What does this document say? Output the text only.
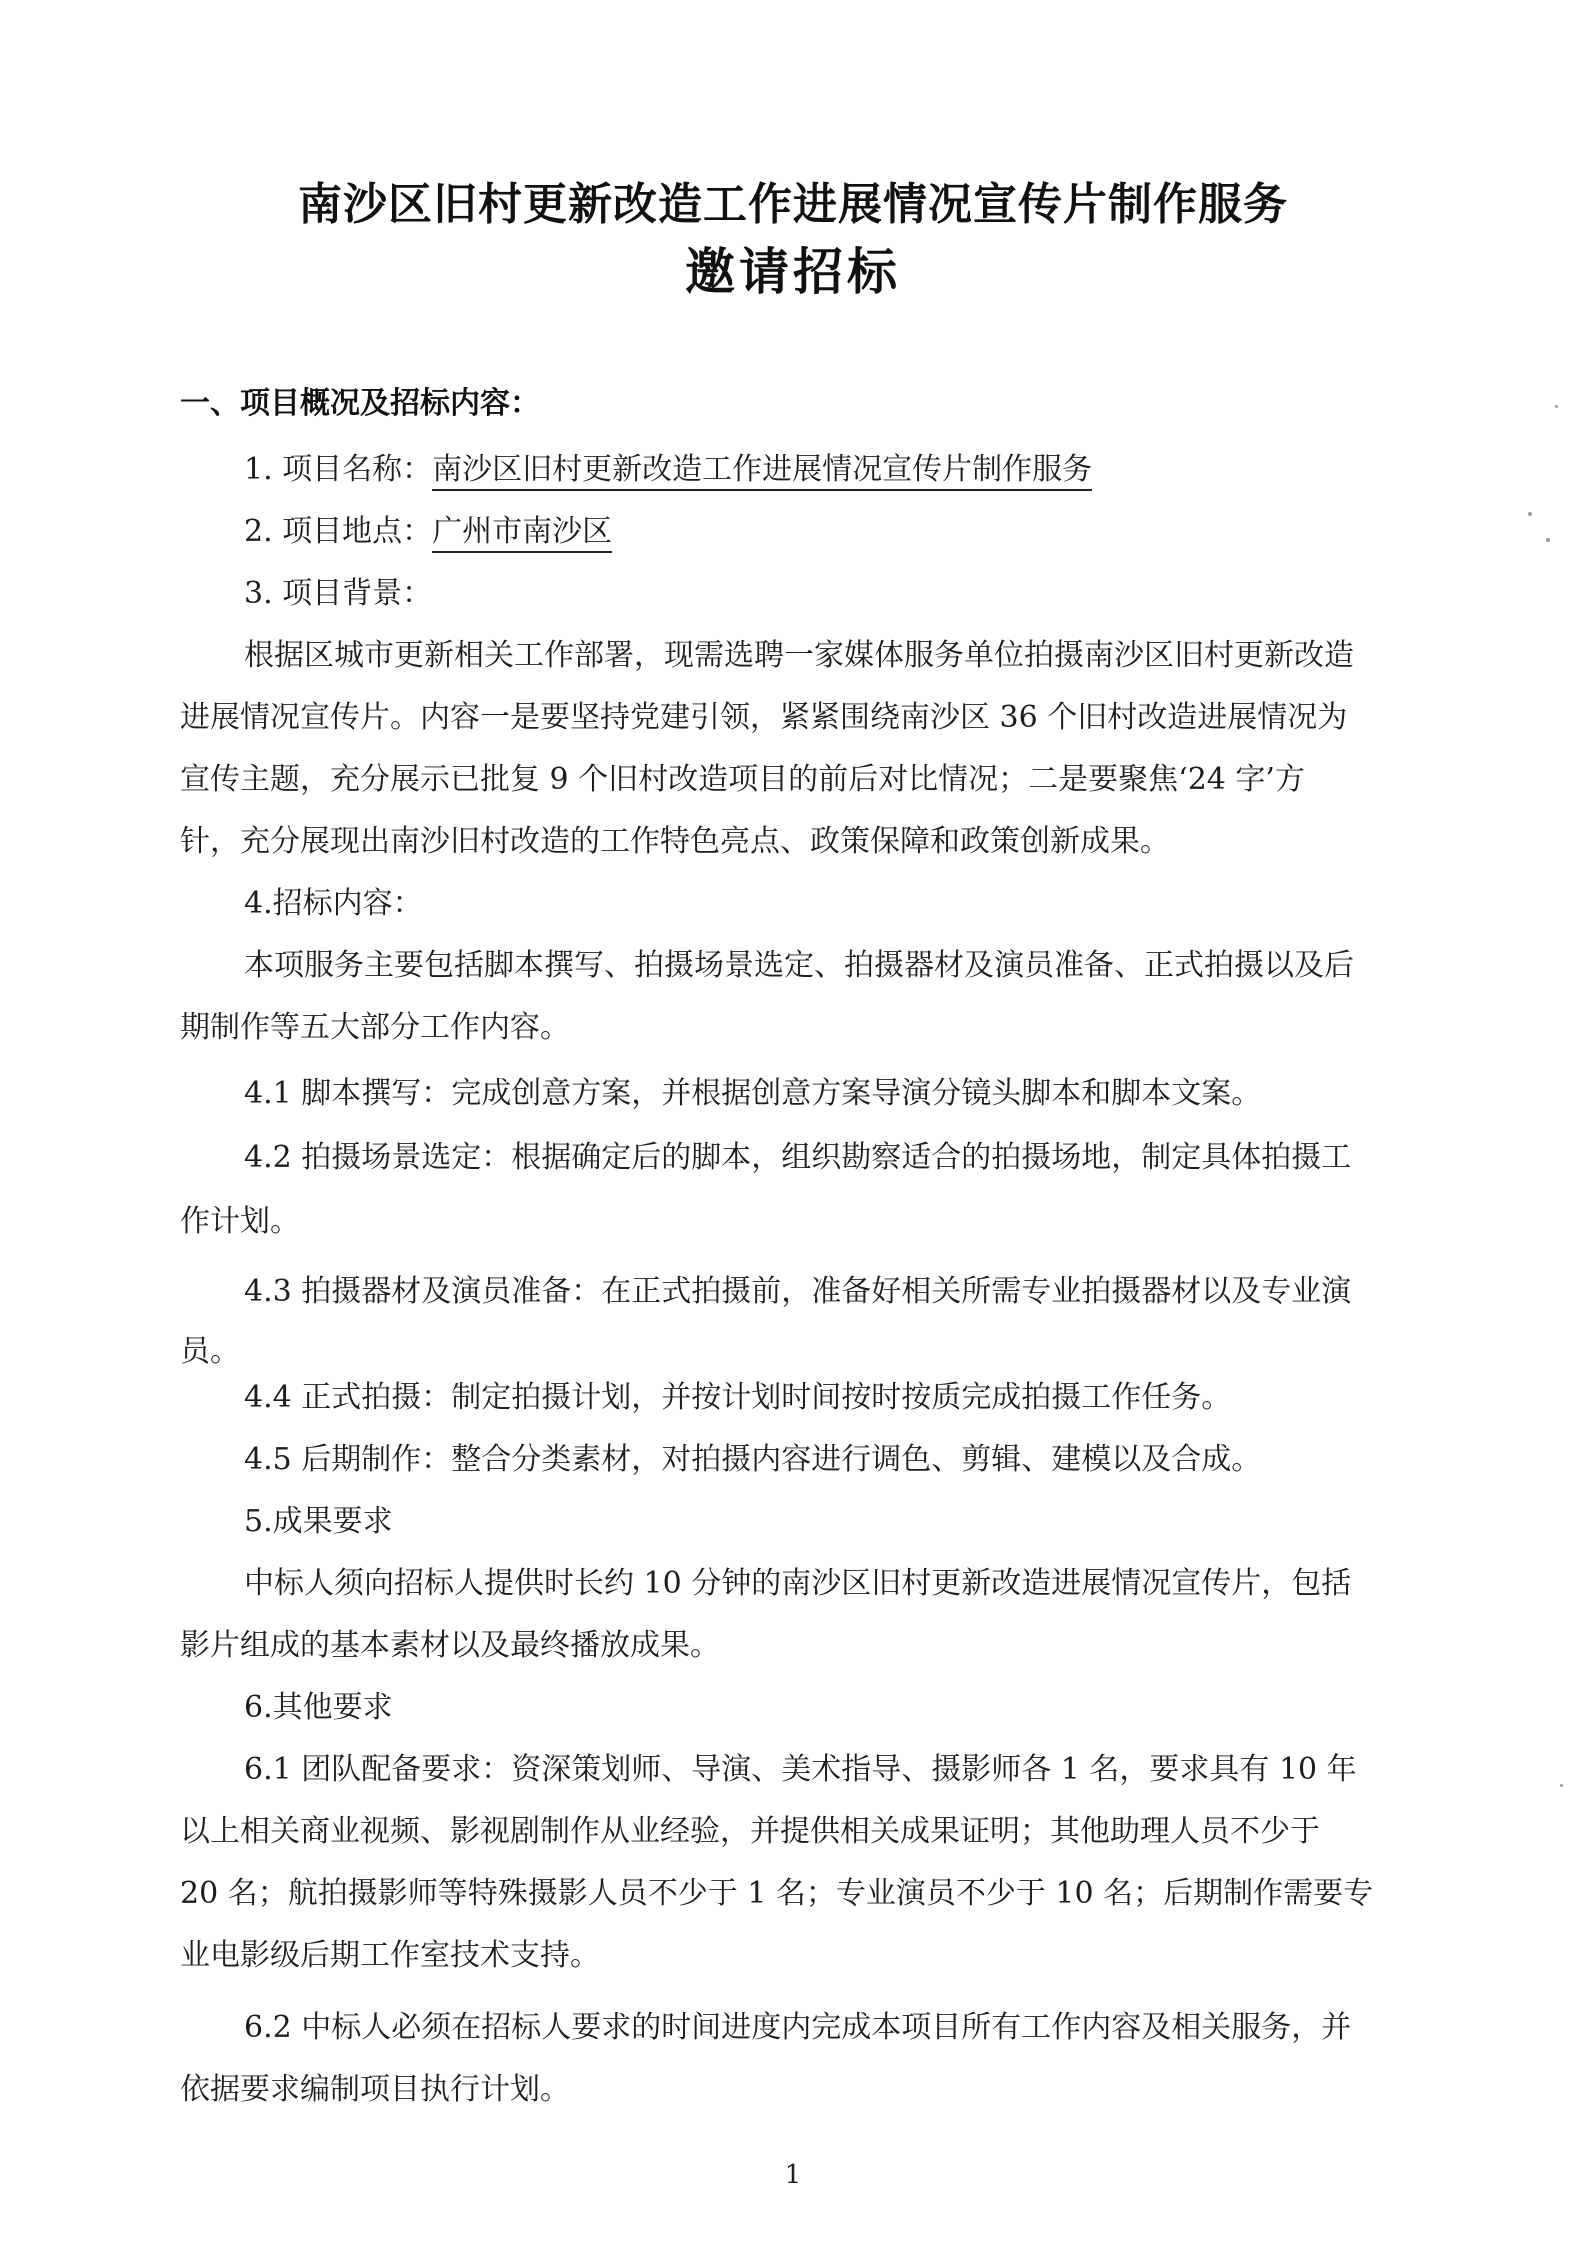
南沙区旧村更新改造工作进展情况宣传片制作服务
邀请招标
一、项目概况及招标内容：
1. 项目名称：南沙区旧村更新改造工作进展情况宣传片制作服务
2. 项目地点：广州市南沙区
3. 项目背景：
根据区城市更新相关工作部署，现需选聘一家媒体服务单位拍摄南沙区旧村更新改造
进展情况宣传片。内容一是要坚持党建引领，紧紧围绕南沙区 36 个旧村改造进展情况为
宣传主题，充分展示已批复 9 个旧村改造项目的前后对比情况；二是要聚焦‘24 字’方
针，充分展现出南沙旧村改造的工作特色亮点、政策保障和政策创新成果。
4.招标内容：
本项服务主要包括脚本撰写、拍摄场景选定、拍摄器材及演员准备、正式拍摄以及后
期制作等五大部分工作内容。
4.1 脚本撰写：完成创意方案，并根据创意方案导演分镜头脚本和脚本文案。
4.2 拍摄场景选定：根据确定后的脚本，组织勘察适合的拍摄场地，制定具体拍摄工
作计划。
4.3 拍摄器材及演员准备：在正式拍摄前，准备好相关所需专业拍摄器材以及专业演
员。
4.4 正式拍摄：制定拍摄计划，并按计划时间按时按质完成拍摄工作任务。
4.5 后期制作：整合分类素材，对拍摄内容进行调色、剪辑、建模以及合成。
5.成果要求
中标人须向招标人提供时长约 10 分钟的南沙区旧村更新改造进展情况宣传片，包括
影片组成的基本素材以及最终播放成果。
6.其他要求
6.1 团队配备要求：资深策划师、导演、美术指导、摄影师各 1 名，要求具有 10 年
以上相关商业视频、影视剧制作从业经验，并提供相关成果证明；其他助理人员不少于
20 名；航拍摄影师等特殊摄影人员不少于 1 名；专业演员不少于 10 名；后期制作需要专
业电影级后期工作室技术支持。
6.2 中标人必须在招标人要求的时间进度内完成本项目所有工作内容及相关服务，并
依据要求编制项目执行计划。
1
